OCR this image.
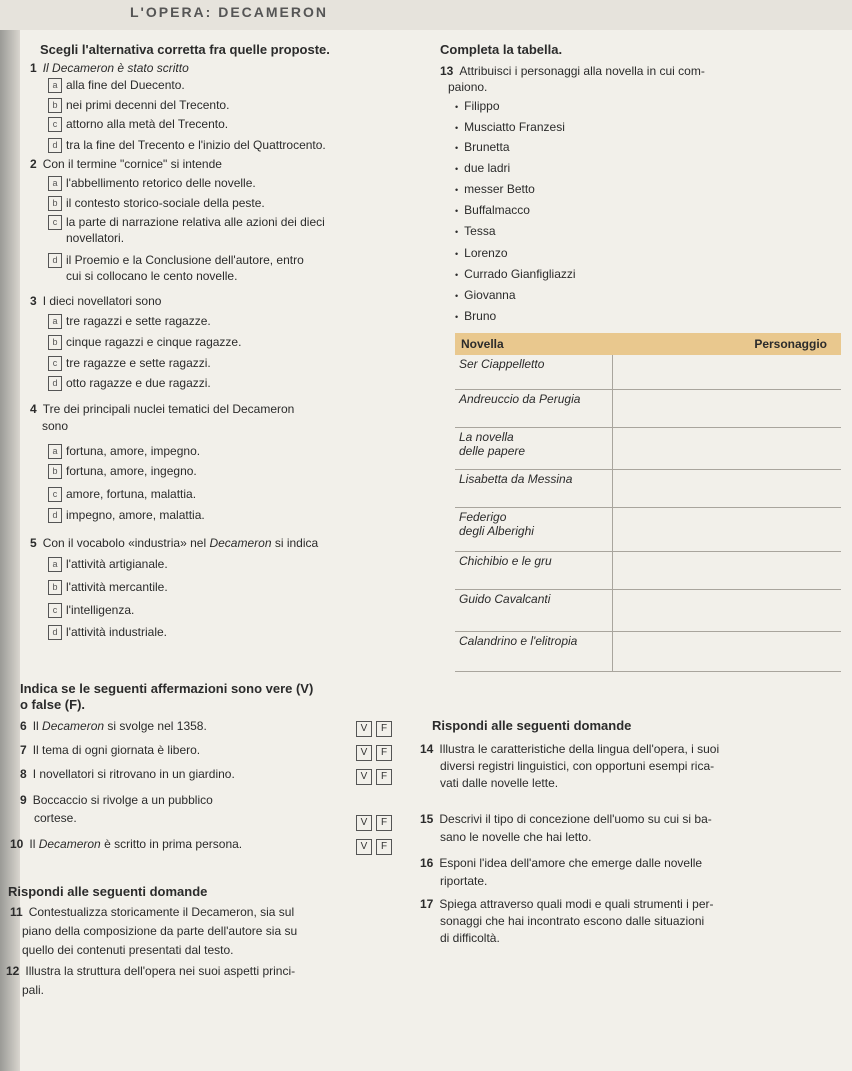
L'OPERA: DECAMERON
Scegli l'alternativa corretta fra quelle proposte.
1 Il Decameron è stato scritto
a alla fine del Duecento.
b nei primi decenni del Trecento.
c attorno alla metà del Trecento.
d tra la fine del Trecento e l'inizio del Quattrocento.
2 Con il termine "cornice" si intende
a l'abbellimento retorico delle novelle.
b il contesto storico-sociale della peste.
c la parte di narrazione relativa alle azioni dei dieci
novellatori.
d il Proemio e la Conclusione dell'autore, entro
cui si collocano le cento novelle.
3 I dieci novellatori sono
a tre ragazzi e sette ragazze.
b cinque ragazzi e cinque ragazze.
c tre ragazze e sette ragazzi.
d otto ragazze e due ragazzi.
4 Tre dei principali nuclei tematici del Decameron
sono
a fortuna, amore, impegno.
b fortuna, amore, ingegno.
c amore, fortuna, malattia.
d impegno, amore, malattia.
5 Con il vocabolo «industria» nel Decameron si indica
a l'attività artigianale.
b l'attività mercantile.
c l'intelligenza.
d l'attività industriale.
Indica se le seguenti affermazioni sono vere (V)
o false (F).
6 Il Decameron si svolge nel 1358.	V F
7 Il tema di ogni giornata è libero.	V F
8 I novellatori si ritrovano in un giardino.	V F
9 Boccaccio si rivolge a un pubblico
cortese.	V F
10 Il Decameron è scritto in prima persona.	V F
Rispondi alle seguenti domande
11 Contestualizza storicamente il Decameron, sia sul
piano della composizione da parte dell'autore sia su
quello dei contenuti presentati dal testo.
12 Illustra la struttura dell'opera nei suoi aspetti princi-
pali.
Completa la tabella.
13 Attribuisci i personaggi alla novella in cui com-
paiono.
• Filippo
• Musciatto Franzesi
• Brunetta
• due ladri
• messer Betto
• Buffalmacco
• Tessa
• Lorenzo
• Currado Gianfigliazzi
• Giovanna
• Bruno
Novella	Personaggio
Ser Ciappelletto	
Andreuccio da Perugia	
La novella
delle papere	
Lisabetta da Messina	
Federigo
degli Alberighi	
Chichibio e le gru	
Guido Cavalcanti	
Calandrino e l'elitropia	
Rispondi alle seguenti domande
14 Illustra le caratteristiche della lingua dell'opera, i suoi
diversi registri linguistici, con opportuni esempi rica-
vati dalle novelle lette.
15 Descrivi il tipo di concezione dell'uomo su cui si ba-
sano le novelle che hai letto.
16 Esponi l'idea dell'amore che emerge dalle novelle
riportate.
17 Spiega attraverso quali modi e quali strumenti i per-
sonaggi che hai incontrato escono dalle situazioni
di difficoltà.
